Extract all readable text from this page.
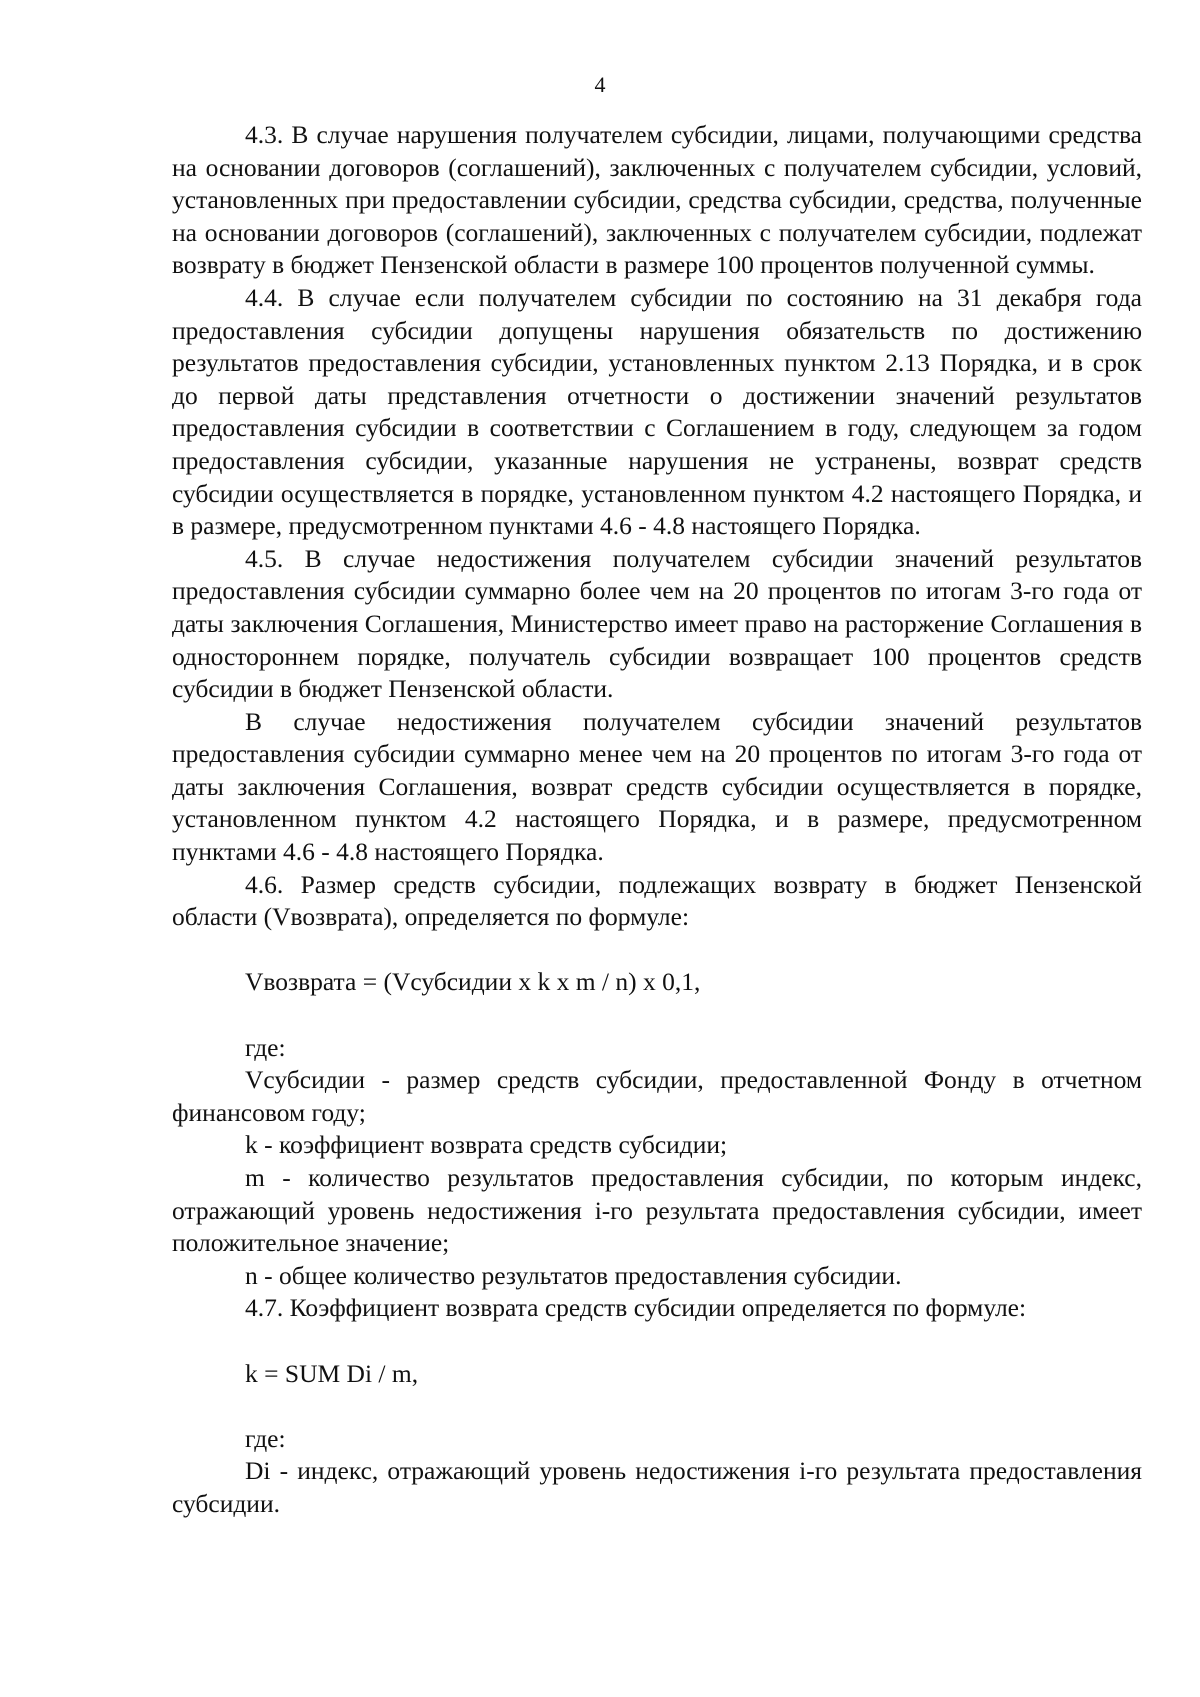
4

4.3. В случае нарушения получателем субсидии, лицами, получающими средства на основании договоров (соглашений), заключенных с получателем субсидии, условий, установленных при предоставлении субсидии, средства субсидии, средства, полученные на основании договоров (соглашений), заключенных с получателем субсидии, подлежат возврату в бюджет Пензенской области в размере 100 процентов полученной суммы.

4.4. В случае если получателем субсидии по состоянию на 31 декабря года предоставления субсидии допущены нарушения обязательств по достижению результатов предоставления субсидии, установленных пунктом 2.13 Порядка, и в срок до первой даты представления отчетности о достижении значений результатов предоставления субсидии в соответствии с Соглашением в году, следующем за годом предоставления субсидии, указанные нарушения не устранены, возврат средств субсидии осуществляется в порядке, установленном пунктом 4.2 настоящего Порядка, и в размере, предусмотренном пунктами 4.6 - 4.8 настоящего Порядка.

4.5. В случае недостижения получателем субсидии значений результатов предоставления субсидии суммарно более чем на 20 процентов по итогам 3-го года от даты заключения Соглашения, Министерство имеет право на расторжение Соглашения в одностороннем порядке, получатель субсидии возвращает 100 процентов средств субсидии в бюджет Пензенской области.

В случае недостижения получателем субсидии значений результатов предоставления субсидии суммарно менее чем на 20 процентов по итогам 3-го года от даты заключения Соглашения, возврат средств субсидии осуществляется в порядке, установленном пунктом 4.2 настоящего Порядка, и в размере, предусмотренном пунктами 4.6 - 4.8 настоящего Порядка.

4.6. Размер средств субсидии, подлежащих возврату в бюджет Пензенской области (Vвозврата), определяется по формуле:

Vвозврата = (Vсубсидии x k x m / n) x 0,1,

где:

Vсубсидии - размер средств субсидии, предоставленной Фонду в отчетном финансовом году;

k - коэффициент возврата средств субсидии;

m - количество результатов предоставления субсидии, по которым индекс, отражающий уровень недостижения i-го результата предоставления субсидии, имеет положительное значение;

n - общее количество результатов предоставления субсидии.

4.7. Коэффициент возврата средств субсидии определяется по формуле:

k = SUM Di / m,

где:

Di - индекс, отражающий уровень недостижения i-го результата предоставления субсидии.
